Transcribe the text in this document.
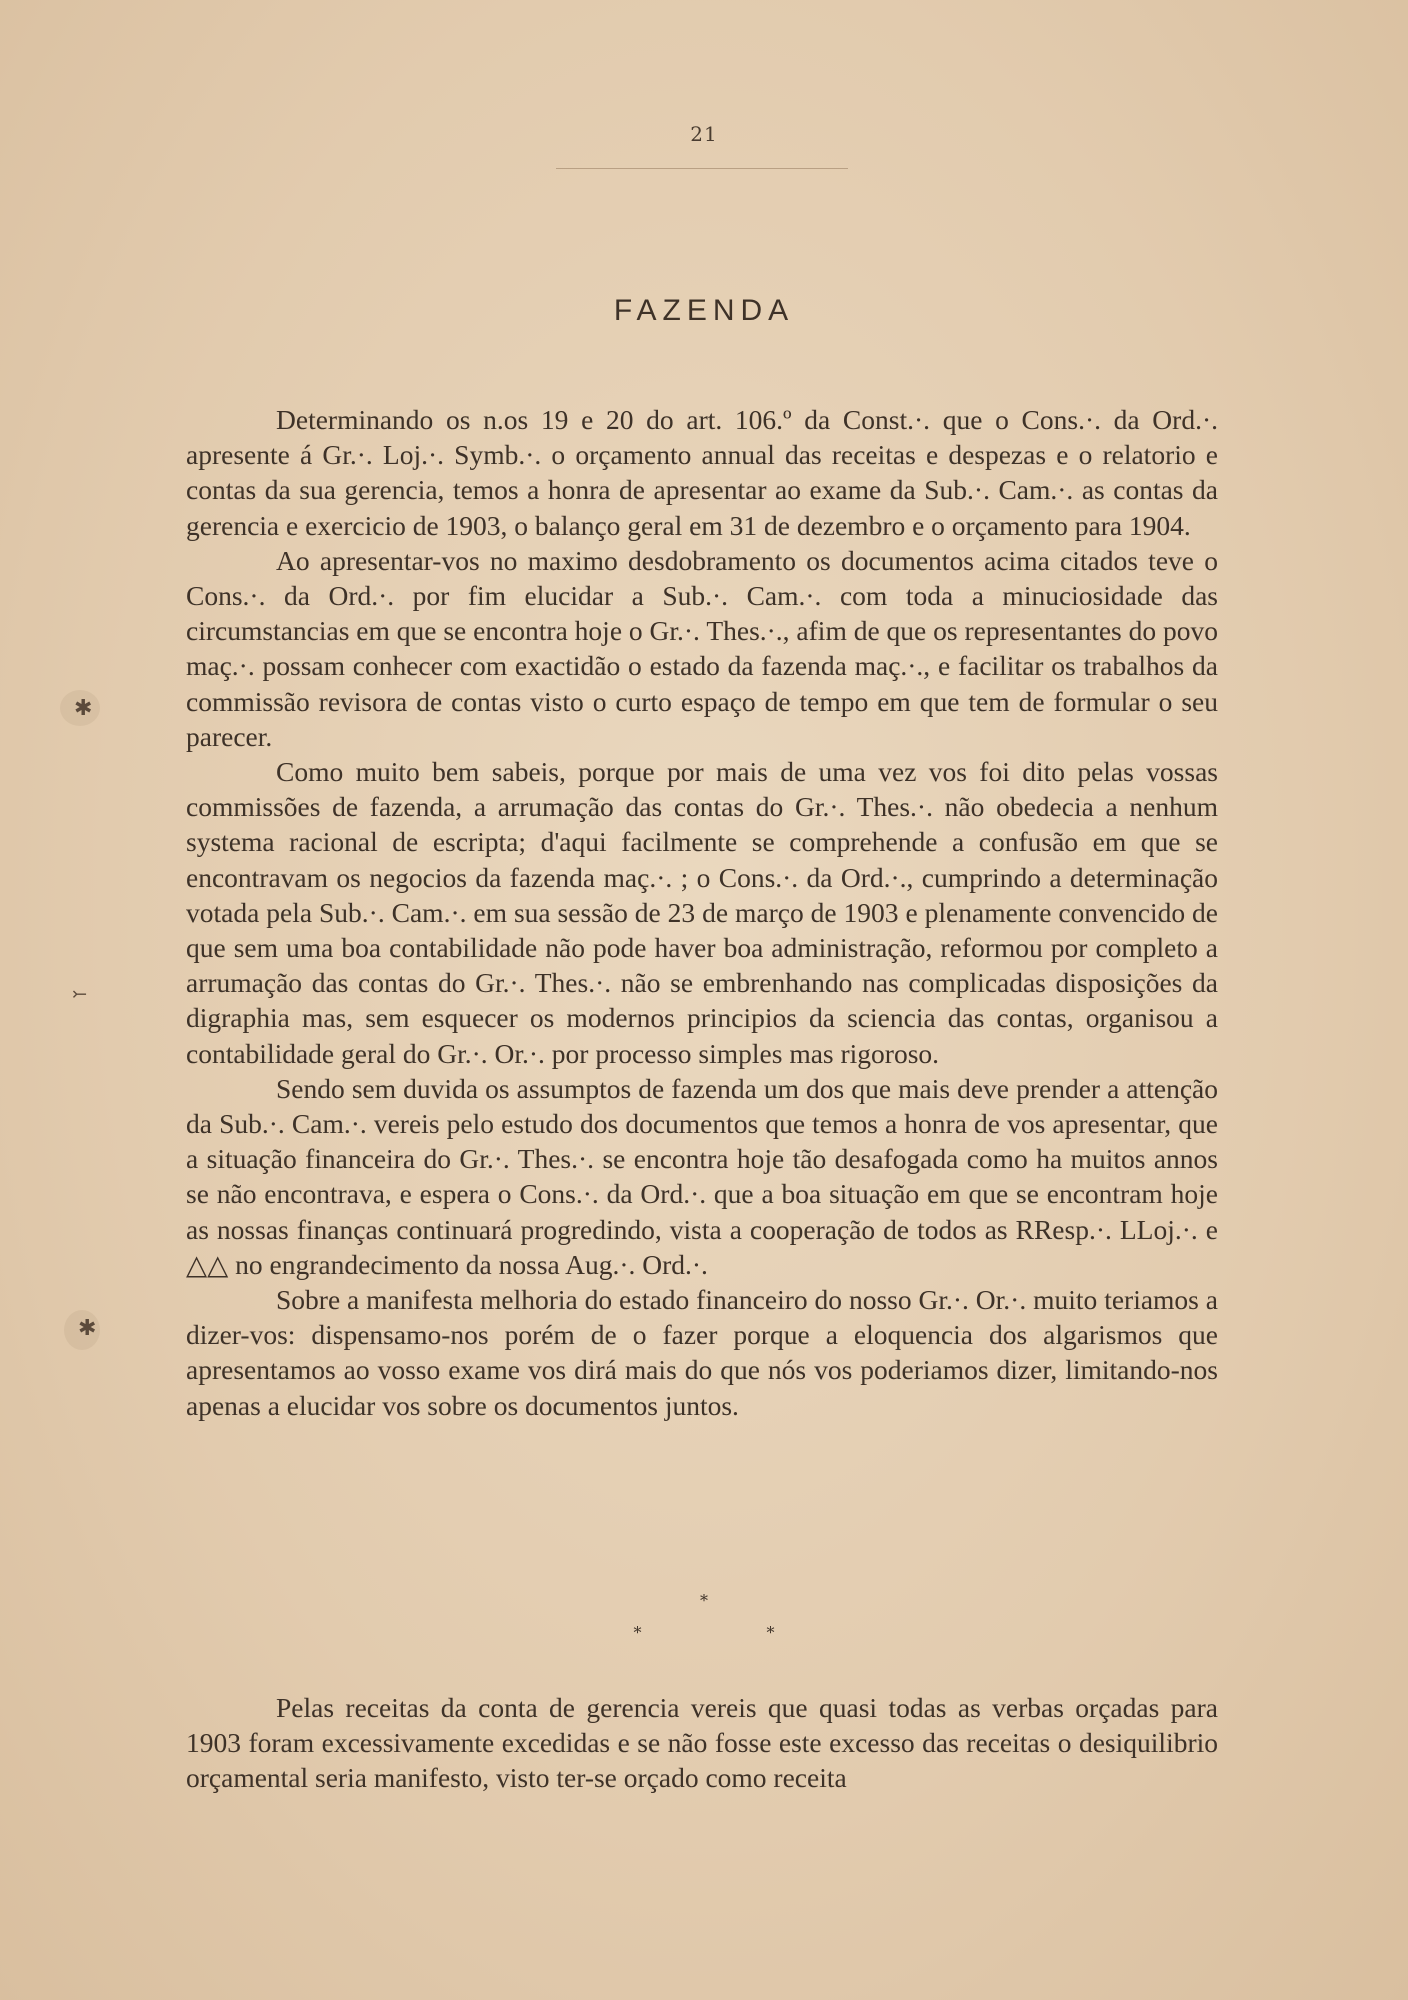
✱
⤚
✱
21
FAZENDA

Determinando os n.os 19 e 20 do art. 106.º da Const.·. que o Cons.·. da Ord.·. apresente á Gr.·. Loj.·. Symb.·. o orçamento annual das receitas e despezas e o relatorio e contas da sua gerencia, temos a honra de apresentar ao exame da Sub.·. Cam.·. as contas da gerencia e exercicio de 1903, o balanço geral em 31 de dezembro e o orçamento para 1904.

Ao apresentar-vos no maximo desdobramento os documentos acima citados teve o Cons.·. da Ord.·. por fim elucidar a Sub.·. Cam.·. com toda a minuciosidade das circumstancias em que se encontra hoje o Gr.·. Thes.·., afim de que os representantes do povo maç.·. possam conhecer com exactidão o estado da fazenda maç.·., e facilitar os trabalhos da commissão revisora de contas visto o curto espaço de tempo em que tem de formular o seu parecer.

Como muito bem sabeis, porque por mais de uma vez vos foi dito pelas vossas commissões de fazenda, a arrumação das contas do Gr.·. Thes.·. não obedecia a nenhum systema racional de escripta; d'aqui facilmente se comprehende a confusão em que se encontravam os negocios da fazenda maç.·. ; o Cons.·. da Ord.·., cumprindo a determinação votada pela Sub.·. Cam.·. em sua sessão de 23 de março de 1903 e plenamente convencido de que sem uma boa contabilidade não pode haver boa administração, reformou por completo a arrumação das contas do Gr.·. Thes.·. não se embrenhando nas complicadas disposições da digraphia mas, sem esquecer os modernos principios da sciencia das contas, organisou a contabilidade geral do Gr.·. Or.·. por processo simples mas rigoroso.

Sendo sem duvida os assumptos de fazenda um dos que mais deve prender a attenção da Sub.·. Cam.·. vereis pelo estudo dos documentos que temos a honra de vos apresentar, que a situação financeira do Gr.·. Thes.·. se encontra hoje tão desafogada como ha muitos annos se não encontrava, e espera o Cons.·. da Ord.·. que a boa situação em que se encontram hoje as nossas finanças continuará progredindo, vista a cooperação de todos as RResp.·. LLoj.·. e △△ no engrandecimento da nossa Aug.·. Ord.·.

Sobre a manifesta melhoria do estado financeiro do nosso Gr.·. Or.·. muito teriamos a dizer-vos: dispensamo-nos porém de o fazer porque a eloquencia dos algarismos que apresentamos ao vosso exame vos dirá mais do que nós vos poderiamos dizer, limitando-nos apenas a elucidar vos sobre os documentos juntos.

*
* *

Pelas receitas da conta de gerencia vereis que quasi todas as verbas orçadas para 1903 foram excessivamente excedidas e se não fosse este excesso das receitas o desiquilibrio orçamental seria manifesto, visto ter-se orçado como receita
